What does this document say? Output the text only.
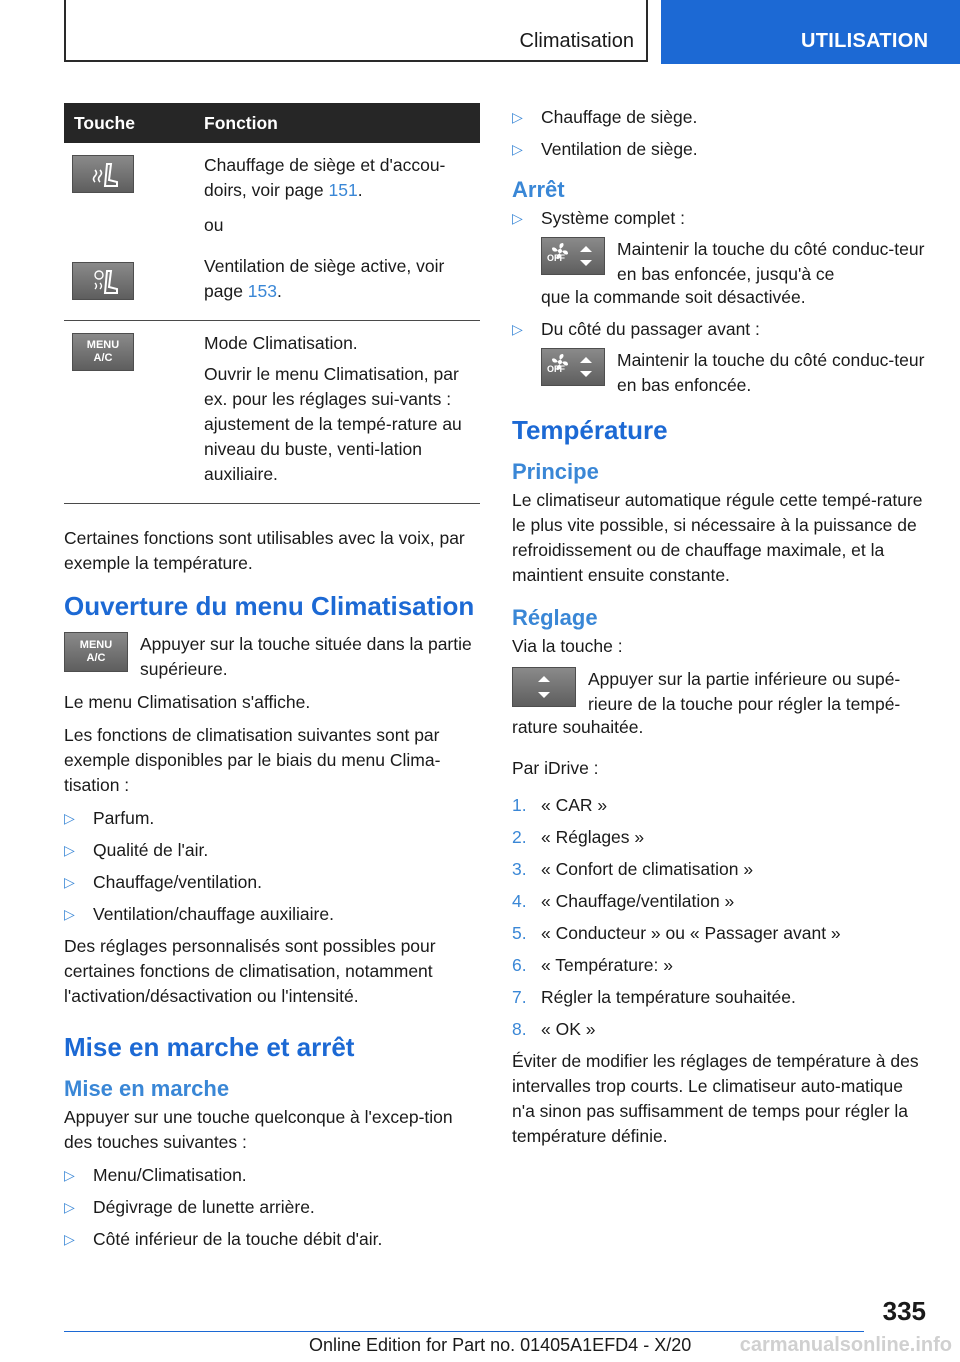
Climatisation	UTILISATION
Touche	Fonction

Chauffage de siège et d'accou-doirs, voir page 151.

ou

Ventilation de siège active, voir page 153.

MENU A/C	Mode Climatisation.

Ouvrir le menu Climatisation, par ex. pour les réglages sui-vants : ajustement de la tempé-rature au niveau du buste, venti-lation auxiliaire.

Certaines fonctions sont utilisables avec la voix, par exemple la température.

Ouverture du menu Climatisation
MENU A/C
Appuyer sur la touche située dans la partie supérieure.

Le menu Climatisation s'affiche.

Les fonctions de climatisation suivantes sont par exemple disponibles par le biais du menu Clima-tisation :

▷ Parfum.
▷ Qualité de l'air.
▷ Chauffage/ventilation.
▷ Ventilation/chauffage auxiliaire.

Des réglages personnalisés sont possibles pour certaines fonctions de climatisation, notamment l'activation/désactivation ou l'intensité.

Mise en marche et arrêt
Mise en marche

Appuyer sur une touche quelconque à l'excep-tion des touches suivantes :

▷ Menu/Climatisation.
▷ Dégivrage de lunette arrière.
▷ Côté inférieur de la touche débit d'air.
▷ Chauffage de siège.
▷ Ventilation de siège.
Arrêt
▷ Système complet :
OFF	Maintenir la touche du côté conduc-teur en bas enfoncée, jusqu'à ce
que la commande soit désactivée.
▷ Du côté du passager avant :
OFF	Maintenir la touche du côté conduc-teur en bas enfoncée.
Température
Principe

Le climatiseur automatique régule cette tempé-rature le plus vite possible, si nécessaire à la puissance de refroidissement ou de chauffage maximale, et la maintient ensuite constante.

Réglage

Via la touche :

Appuyer sur la partie inférieure ou supé-rieure de la touche pour régler la tempé-

rature souhaitée.

Par iDrive :

1. « CAR »
2. « Réglages »
3. « Confort de climatisation »
4. « Chauffage/ventilation »
5. « Conducteur » ou « Passager avant »
6. « Température: »
7. Régler la température souhaitée.
8. « OK »

Éviter de modifier les réglages de température à des intervalles trop courts. Le climatiseur auto-matique n'a sinon pas suffisamment de temps pour régler la température définie.

335
Online Edition for Part no. 01405A1EFD4 - X/20 carmanualsonline.info
